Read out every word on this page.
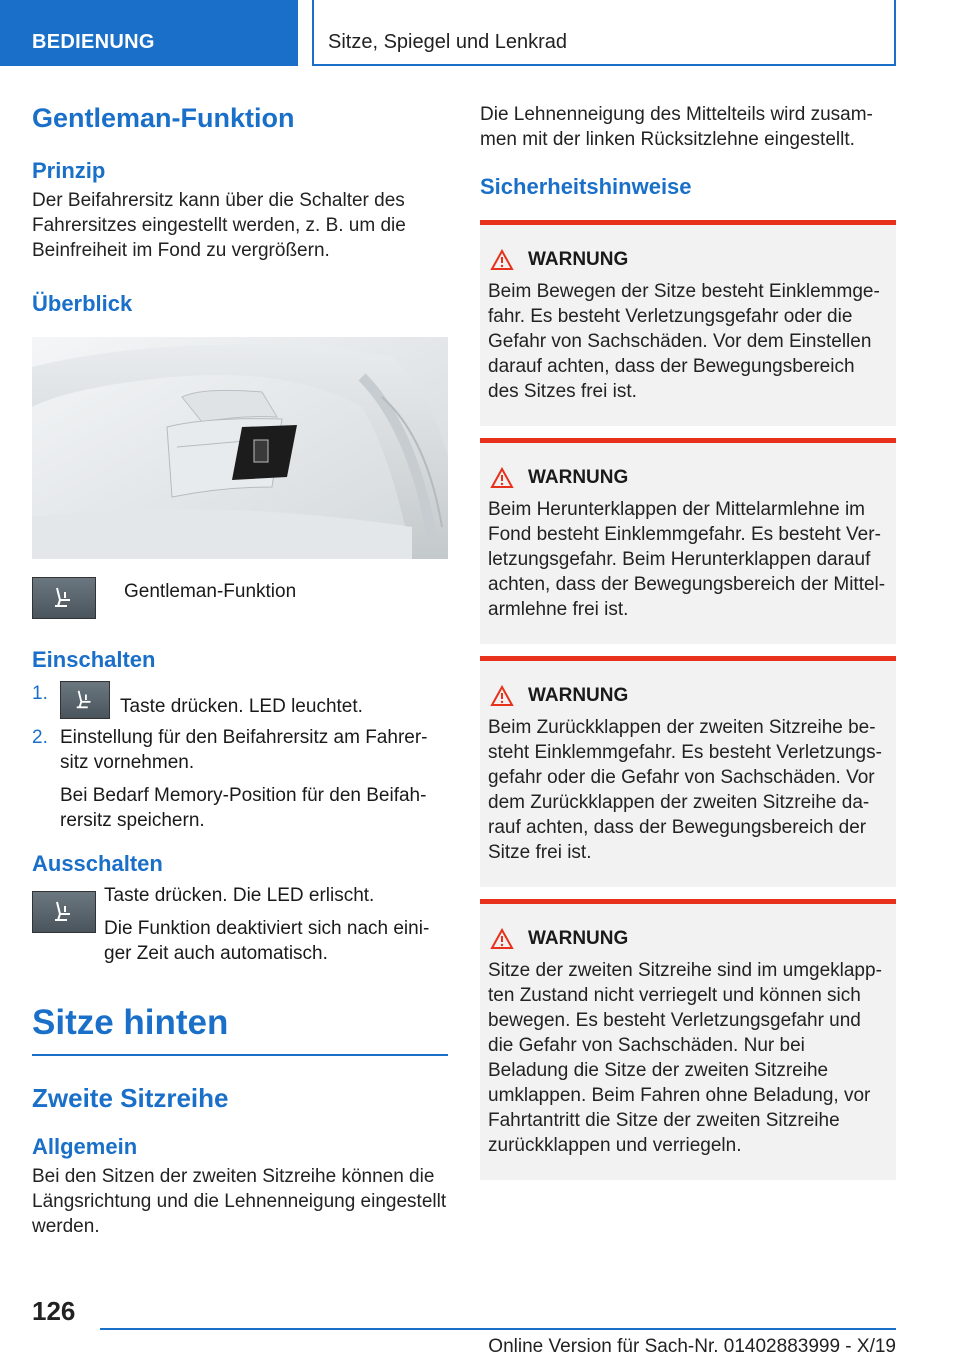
BEDIENUNG	Sitze, Spiegel und Lenkrad
Gentleman-Funktion
Prinzip

Der Beifahrersitz kann über die Schalter des Fahrersitzes eingestellt werden, z. B. um die Beinfreiheit im Fond zu vergrößern.

Überblick
Gentleman-Funktion
Einschalten
1.
Taste drücken. LED leuchtet.
2. Einstellung für den Beifahrersitz am Fahrersitz vornehmen.
Bei Bedarf Memory-Position für den Beifahrersitz speichern.
Ausschalten
Taste drücken. Die LED erlischt.
Die Funktion deaktiviert sich nach einiger Zeit auch automatisch.
Sitze hinten
Zweite Sitzreihe
Allgemein

Bei den Sitzen der zweiten Sitzreihe können die Längsrichtung und die Lehnenneigung eingestellt werden.

Die Lehnenneigung des Mittelteils wird zusammen mit der linken Rücksitzlehne eingestellt.

Sicherheitshinweise
WARNUNG
Beim Bewegen der Sitze besteht Einklemmgefahr. Es besteht Verletzungsgefahr oder die Gefahr von Sachschäden. Vor dem Einstellen darauf achten, dass der Bewegungsbereich des Sitzes frei ist.
WARNUNG
Beim Herunterklappen der Mittelarmlehne im Fond besteht Einklemmgefahr. Es besteht Verletzungsgefahr. Beim Herunterklappen darauf achten, dass der Bewegungsbereich der Mittelarmlehne frei ist.
WARNUNG
Beim Zurückklappen der zweiten Sitzreihe besteht Einklemmgefahr. Es besteht Verletzungsgefahr oder die Gefahr von Sachschäden. Vor dem Zurückklappen der zweiten Sitzreihe darauf achten, dass der Bewegungsbereich der Sitze frei ist.
WARNUNG
Sitze der zweiten Sitzreihe sind im umgeklappten Zustand nicht verriegelt und können sich bewegen. Es besteht Verletzungsgefahr und die Gefahr von Sachschäden. Nur bei Beladung die Sitze der zweiten Sitzreihe umklappen. Beim Fahren ohne Beladung, vor Fahrtantritt die Sitze der zweiten Sitzreihe zurückklappen und verriegeln.
126
Online Version für Sach-Nr. 01402883999 - X/19
